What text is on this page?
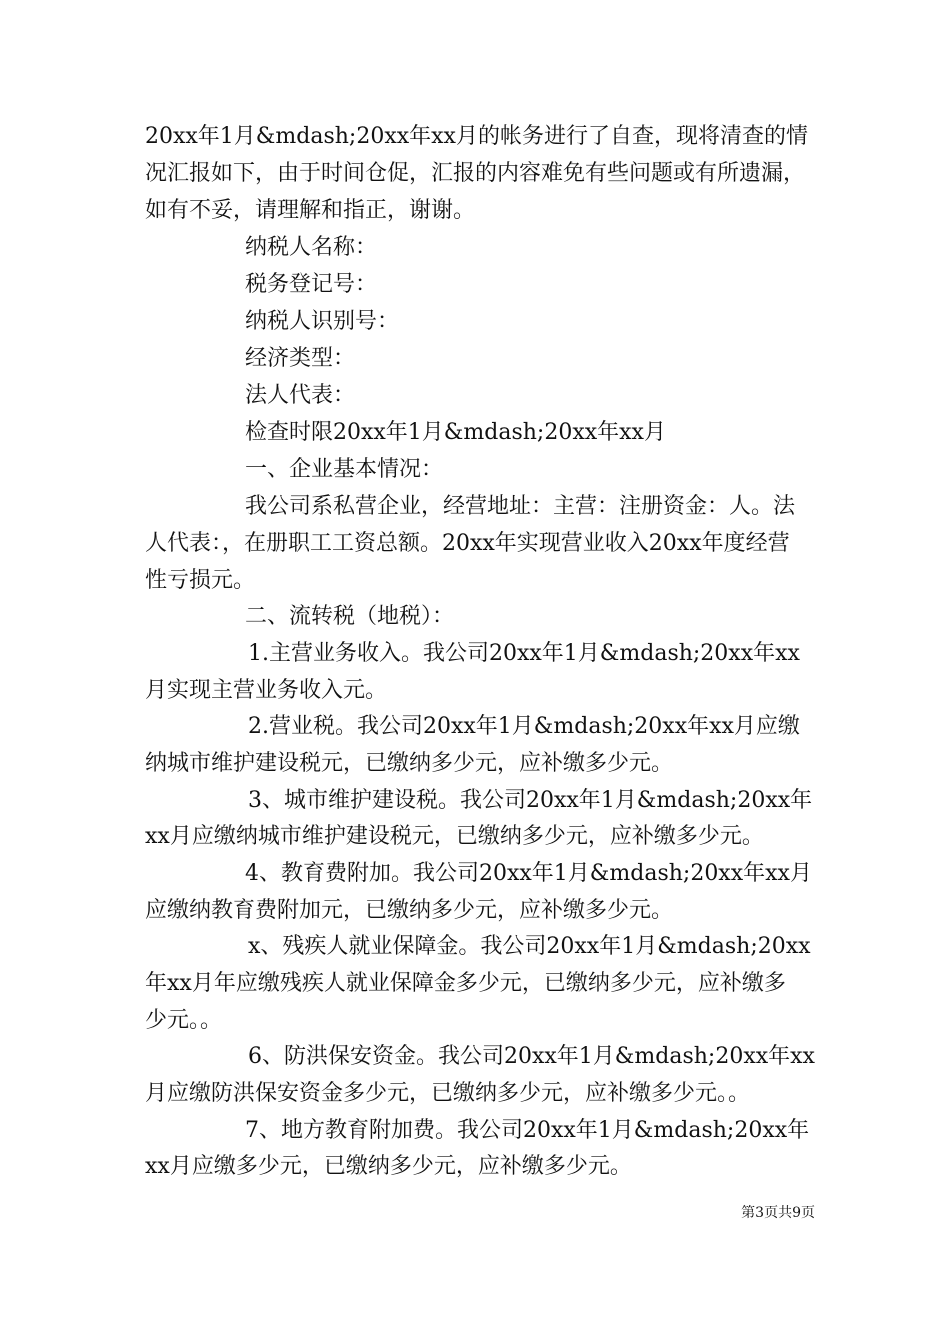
20xx年1月&mdash;20xx年xx月的帐务进行了自查，现将清查的情
况汇报如下，由于时间仓促，汇报的内容难免有些问题或有所遗漏，
如有不妥，请理解和指正，谢谢。
纳税人名称：
税务登记号：
纳税人识别号：
经济类型：
法人代表：
检查时限20xx年1月&mdash;20xx年xx月
一、企业基本情况：
我公司系私营企业，经营地址：主营：注册资金：人。法
人代表：，在册职工工资总额。20xx年实现营业收入20xx年度经营
性亏损元。
二、流转税（地税）：
1.主营业务收入。我公司20xx年1月&mdash;20xx年xx
月实现主营业务收入元。
2.营业税。我公司20xx年1月&mdash;20xx年xx月应缴
纳城市维护建设税元，已缴纳多少元，应补缴多少元。
3、城市维护建设税。我公司20xx年1月&mdash;20xx年
xx月应缴纳城市维护建设税元，已缴纳多少元，应补缴多少元。
4、教育费附加。我公司20xx年1月&mdash;20xx年xx月
应缴纳教育费附加元，已缴纳多少元，应补缴多少元。
x、残疾人就业保障金。我公司20xx年1月&mdash;20xx
年xx月年应缴残疾人就业保障金多少元，已缴纳多少元，应补缴多
少元。。
6、防洪保安资金。我公司20xx年1月&mdash;20xx年xx
月应缴防洪保安资金多少元，已缴纳多少元，应补缴多少元。。
7、地方教育附加费。我公司20xx年1月&mdash;20xx年
xx月应缴多少元，已缴纳多少元，应补缴多少元。
第3页共9页
